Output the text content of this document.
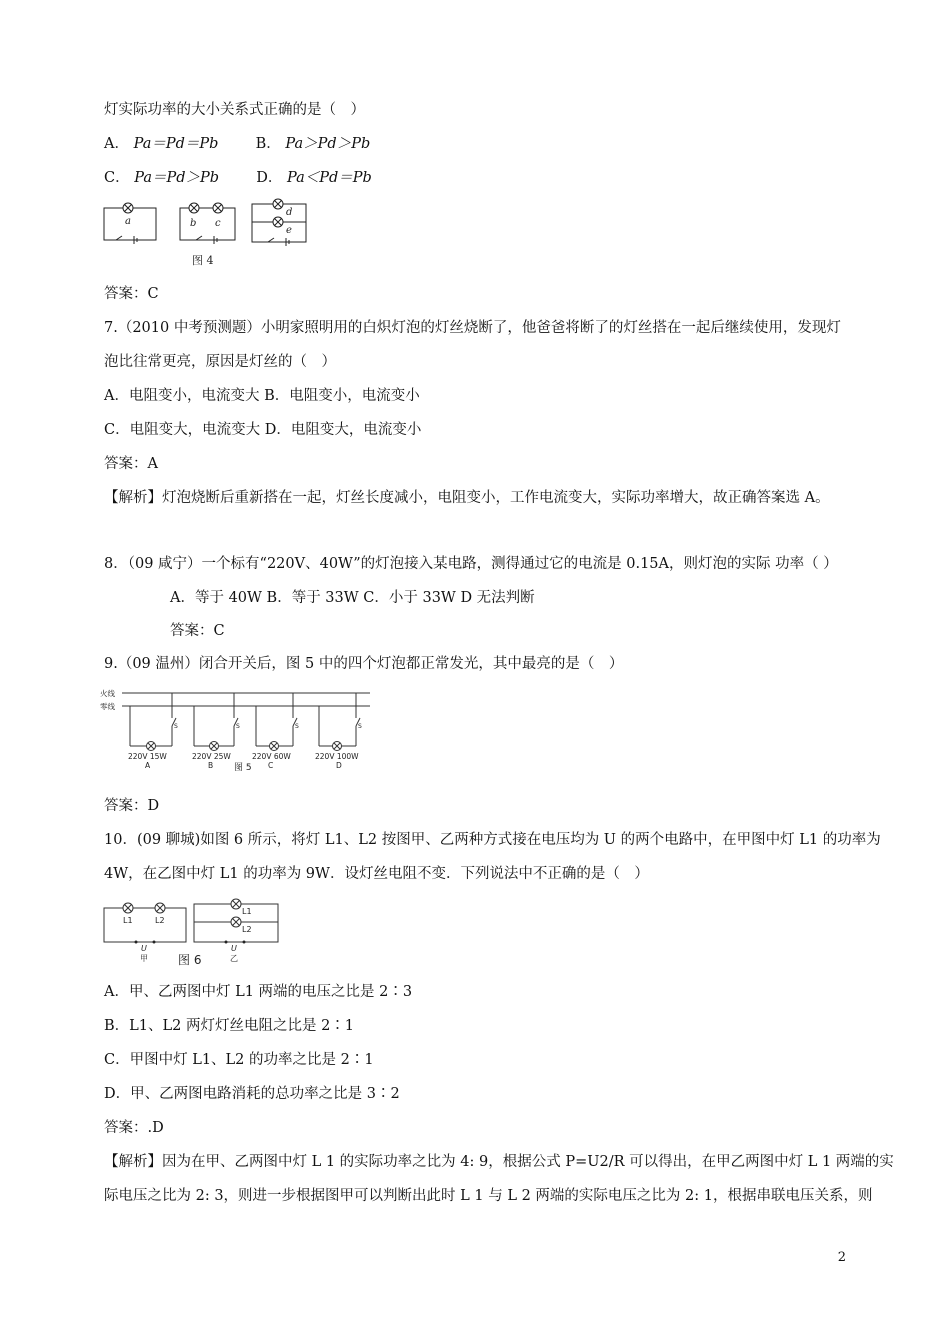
灯实际功率的大小关系式正确的是（　）
A． Pa＝Pd＝Pb	B． Pa＞Pd＞Pb
C． Pa＝Pd＞Pb	D． Pa＜Pd＝Pb
a	b c
d
e
图 4
答案：C
7.（2010 中考预测题）小明家照明用的白炽灯泡的灯丝烧断了，他爸爸将断了的灯丝搭在一起后继续使用，发现灯
泡比往常更亮，原因是灯丝的（　）
A．电阻变小，电流变大 B．电阻变小，电流变小
C．电阻变大，电流变大 D．电阻变大，电流变小
答案：A
【解析】灯泡烧断后重新搭在一起，灯丝长度减小，电阻变小，工作电流变大，实际功率增大，故正确答案选 A。
8．（09 咸宁）一个标有“220V、40W”的灯泡接入某电路，测得通过它的电流是 0.15A，则灯泡的实际 功率（ ）
A．等于 40W B．等于 33W C．小于 33W D 无法判断
答案：C
9.（09 温州）闭合开关后，图 5 中的四个灯泡都正常发光，其中最亮的是（　）
火线
零线
S	S	S	S
220V 15W	220V 25W	220V 60W	220V 100W
A	B	C	D
图 5
答案：D
10．(09 聊城)如图 6 所示，将灯 L1、L2 按图甲、乙两种方式接在电压均为 U 的两个电路中，在甲图中灯 L1 的功率为
4W，在乙图中灯 L1 的功率为 9W．设灯丝电阻不变．下列说法中不正确的是（　）
L1	L2
L1
L2
U	U
甲	乙
图 6
A．甲、乙两图中灯 L1 两端的电压之比是 2∶3
B．L1、L2 两灯灯丝电阻之比是 2∶1
C．甲图中灯 L1、L2 的功率之比是 2∶1
D．甲、乙两图电路消耗的总功率之比是 3∶2
答案：.D
【解析】因为在甲、乙两图中灯 L 1 的实际功率之比为 4: 9，根据公式 P=U2/R 可以得出，在甲乙两图中灯 L 1 两端的实
际电压之比为 2: 3，则进一步根据图甲可以判断出此时 L 1 与 L 2 两端的实际电压之比为 2: 1，根据串联电压关系，则
2
